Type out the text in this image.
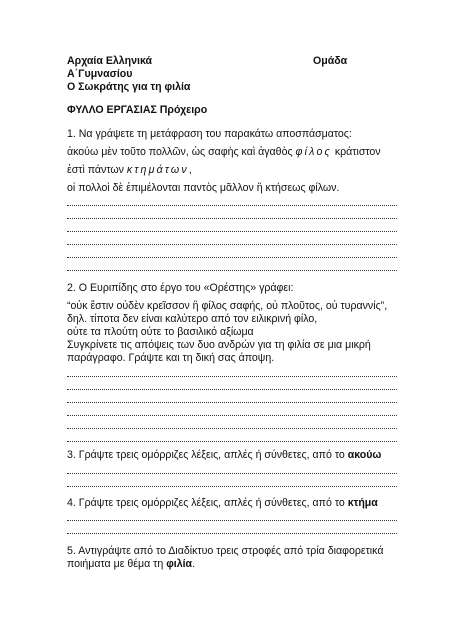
Αρχαία Ελληνικά	Ομάδα
Α΄Γυμνασίου
Ο Σωκράτης για τη φιλία
ΦΥΛΛΟ ΕΡΓΑΣΙΑΣ Πρόχειρο
1. Να γράψετε τη μετάφραση του παρακάτω αποσπάσματος:
ἀκούω μὲν τοῦτο πολλῶν, ὡς σαφὴς καὶ ἀγαθὸς φίλος κράτιστον
ἐστὶ πάντων κτημάτων,
οἱ πολλοὶ δὲ ἐπιμέλονται παντὸς μᾶλλον ἢ κτήσεως φίλων.
2. Ο Ευριπίδης στο έργο του «Ορέστης» γράφει:
“οὐκ ἔστιν οὐδὲν κρεῖσσον ἢ φίλος σαφής, οὐ πλοῦτος, οὐ τυραννίς”,
δηλ. τίποτα δεν είναι καλύτερο από τον ειλικρινή φίλο,
ούτε τα πλούτη ούτε το βασιλικό αξίωμα
Συγκρίνετε τις απόψεις των δυο ανδρών για τη φιλία σε μια μικρή
παράγραφο. Γράψτε και τη δική σας άποψη.
3. Γράψτε τρεις ομόρριζες λέξεις, απλές ή σύνθετες, από το ακούω
4. Γράψτε τρεις ομόρριζες λέξεις, απλές ή σύνθετες, από το κτήμα
5. Αντιγράψτε από το Διαδίκτυο τρεις στροφές από τρία διαφορετικά
ποιήματα με θέμα τη φιλία.
